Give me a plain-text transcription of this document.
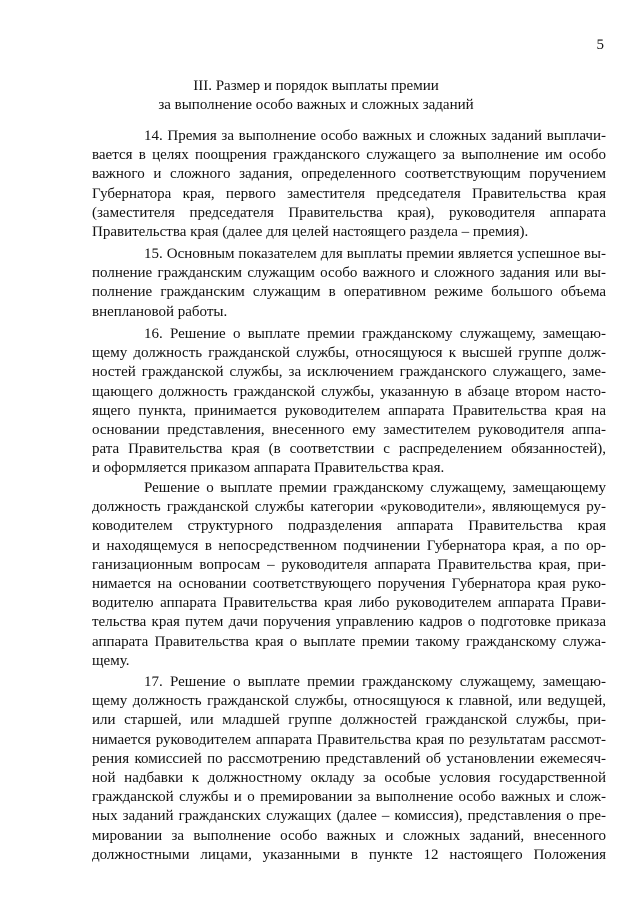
5
III. Размер и порядок выплаты премии
за выполнение особо важных и сложных заданий
14. Премия за выполнение особо важных и сложных заданий выплачи-
вается в целях поощрения гражданского служащего за выполнение им особо
важного и сложного задания, определенного соответствующим поручением
Губернатора края, первого заместителя председателя Правительства края
(заместителя председателя Правительства края), руководителя аппарата
Правительства края (далее для целей настоящего раздела – премия).
15. Основным показателем для выплаты премии является успешное вы-
полнение гражданским служащим особо важного и сложного задания или вы-
полнение гражданским служащим в оперативном режиме большого объема
внеплановой работы.
16. Решение о выплате премии гражданскому служащему, замещаю-
щему должность гражданской службы, относящуюся к высшей группе долж-
ностей гражданской службы, за исключением гражданского служащего, заме-
щающего должность гражданской службы, указанную в абзаце втором насто-
ящего пункта, принимается руководителем аппарата Правительства края на
основании представления, внесенного ему заместителем руководителя аппа-
рата Правительства края (в соответствии с распределением обязанностей),
и оформляется приказом аппарата Правительства края.
Решение о выплате премии гражданскому служащему, замещающему
должность гражданской службы категории «руководители», являющемуся ру-
ководителем структурного подразделения аппарата Правительства края
и находящемуся в непосредственном подчинении Губернатора края, а по ор-
ганизационным вопросам – руководителя аппарата Правительства края, при-
нимается на основании соответствующего поручения Губернатора края руко-
водителю аппарата Правительства края либо руководителем аппарата Прави-
тельства края путем дачи поручения управлению кадров о подготовке приказа
аппарата Правительства края о выплате премии такому гражданскому служа-
щему.
17. Решение о выплате премии гражданскому служащему, замещаю-
щему должность гражданской службы, относящуюся к главной, или ведущей,
или старшей, или младшей группе должностей гражданской службы, при-
нимается руководителем аппарата Правительства края по результатам рассмот-
рения комиссией по рассмотрению представлений об установлении ежемесяч-
ной надбавки к должностному окладу за особые условия государственной
гражданской службы и о премировании за выполнение особо важных и слож-
ных заданий гражданских служащих (далее – комиссия), представления о пре-
мировании за выполнение особо важных и сложных заданий, внесенного
должностными лицами, указанными в пункте 12 настоящего Положения
